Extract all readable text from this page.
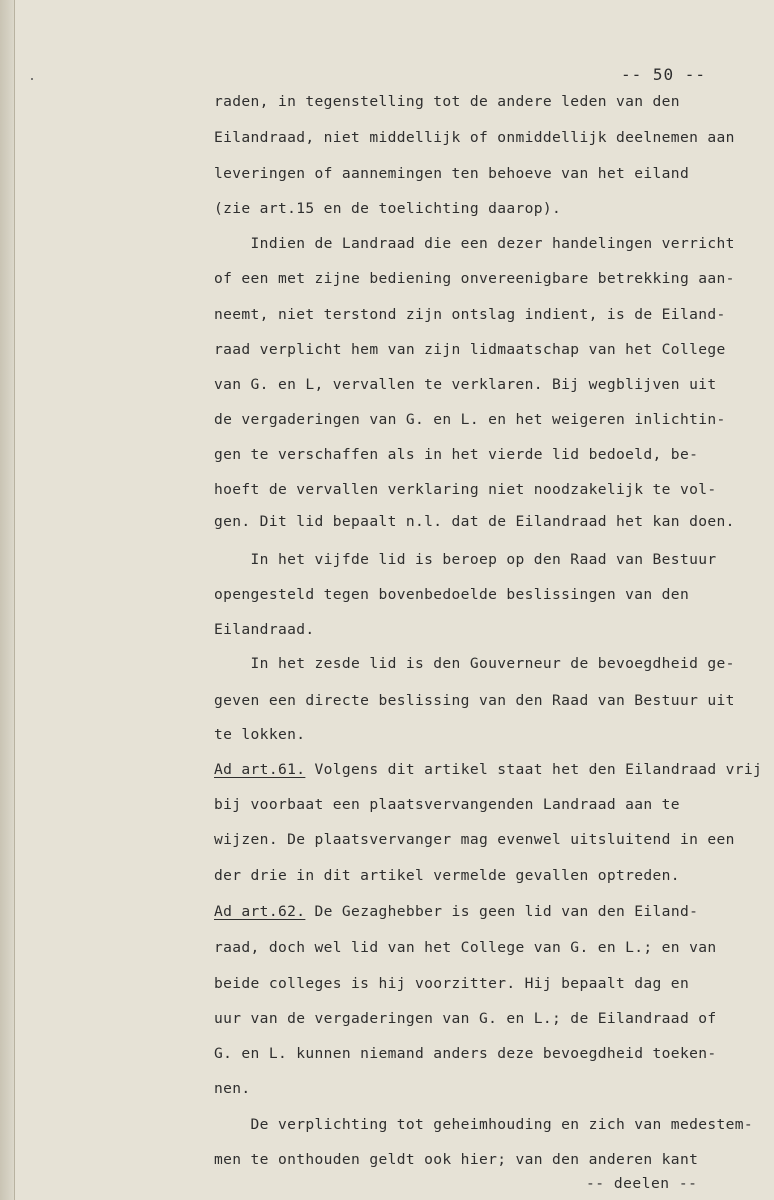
-- 50 --
raden, in tegenstelling tot de andere leden van den
Eilandraad, niet middellijk of onmiddellijk deelnemen aan
leveringen of aannemingen ten behoeve van het eiland
(zie art.15 en de toelichting daarop).
Indien de Landraad die een dezer handelingen verricht
of een met zijne bediening onvereenigbare betrekking aan-
neemt, niet terstond zijn ontslag indient, is de Eiland-
raad verplicht hem van zijn lidmaatschap van het College
van G. en L, vervallen te verklaren. Bij wegblijven uit
de vergaderingen van G. en L. en het weigeren inlichtin-
gen te verschaffen als in het vierde lid bedoeld, be-
hoeft de vervallen verklaring niet noodzakelijk te vol-
gen. Dit lid bepaalt n.l. dat de Eilandraad het kan doen.
In het vijfde lid is beroep op den Raad van Bestuur
opengesteld tegen bovenbedoelde beslissingen van den
Eilandraad.
In het zesde lid is den Gouverneur de bevoegdheid ge-
geven een directe beslissing van den Raad van Bestuur uit
te lokken.
Ad art.61. Volgens dit artikel staat het den Eilandraad vrij
bij voorbaat een plaatsvervangenden Landraad aan te
wijzen. De plaatsvervanger mag evenwel uitsluitend in een
der drie in dit artikel vermelde gevallen optreden.
Ad art.62. De Gezaghebber is geen lid van den Eiland-
raad, doch wel lid van het College van G. en L.; en van
beide colleges is hij voorzitter. Hij bepaalt dag en
uur van de vergaderingen van G. en L.; de Eilandraad of
G. en L. kunnen niemand anders deze bevoegdheid toeken-
nen.
De verplichting tot geheimhouding en zich van medestem-
men te onthouden geldt ook hier; van den anderen kant
-- deelen --
